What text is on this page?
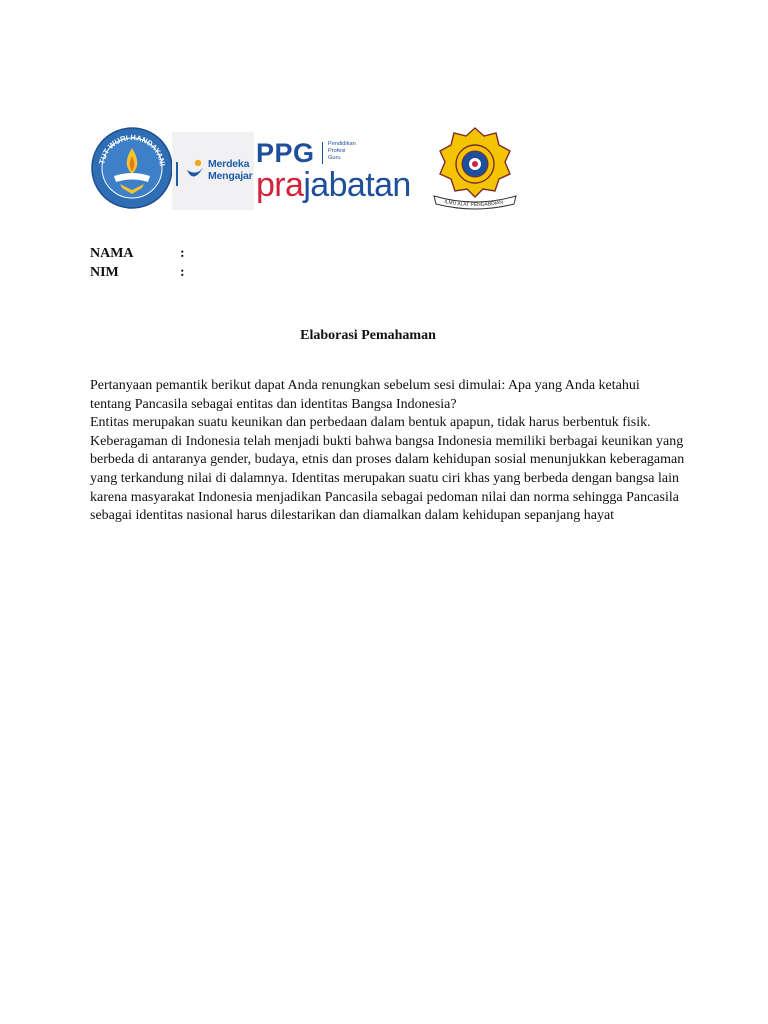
TUT WURI HANDAYANI	Merdeka
Mengajar
PPG Pendidikan
Profesi
Guru
prajabatan	ILMU ALAT PENGABDIAN
NAMA	:
NIM	:
Elaborasi Pemahaman
Pertanyaan pemantik berikut dapat Anda renungkan sebelum sesi dimulai: Apa yang Anda ketahui
tentang Pancasila sebagai entitas dan identitas Bangsa Indonesia?
Entitas merupakan suatu keunikan dan perbedaan dalam bentuk apapun, tidak harus berbentuk fisik.
Keberagaman di Indonesia telah menjadi bukti bahwa bangsa Indonesia memiliki berbagai keunikan yang
berbeda di antaranya gender, budaya, etnis dan proses dalam kehidupan sosial menunjukkan keberagaman
yang terkandung nilai di dalamnya. Identitas merupakan suatu ciri khas yang berbeda dengan bangsa lain
karena masyarakat Indonesia menjadikan Pancasila sebagai pedoman nilai dan norma sehingga Pancasila
sebagai identitas nasional harus dilestarikan dan diamalkan dalam kehidupan sepanjang hayat
